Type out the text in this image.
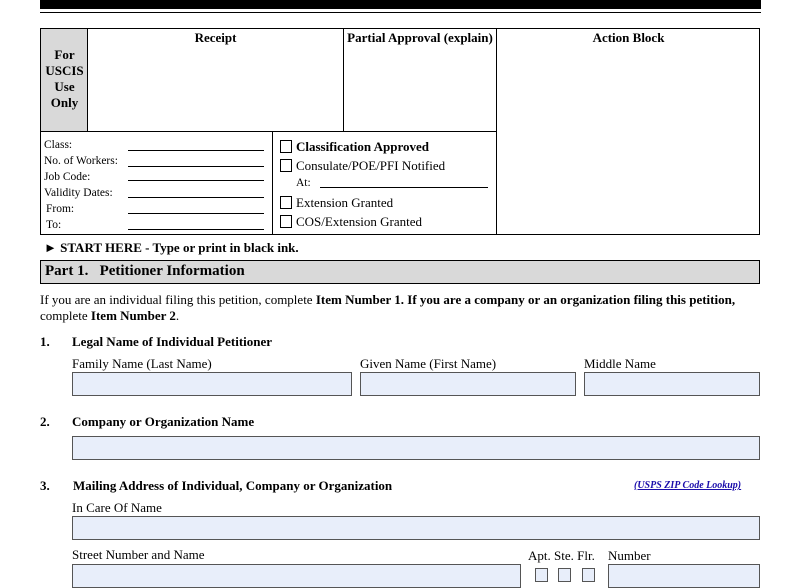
For
USCIS
Use
Only
Receipt	Partial Approval (explain)	Action Block
Class:
No. of Workers:
Job Code:
Validity Dates:
From:
To:
Classification Approved
Consulate/POE/PFI Notified
At:
Extension Granted
COS/Extension Granted
► START HERE - Type or print in black ink.
Part 1.   Petitioner Information
If you are an individual filing this petition, complete Item Number 1. If you are a company or an organization filing this petition,
complete Item Number 2.
1. Legal Name of Individual Petitioner
Family Name (Last Name)	Given Name (First Name)	Middle Name
2. Company or Organization Name
3. Mailing Address of Individual, Company or Organization	(USPS ZIP Code Lookup)
In Care Of Name
Street Number and Name	Apt. Ste. Flr. Number
